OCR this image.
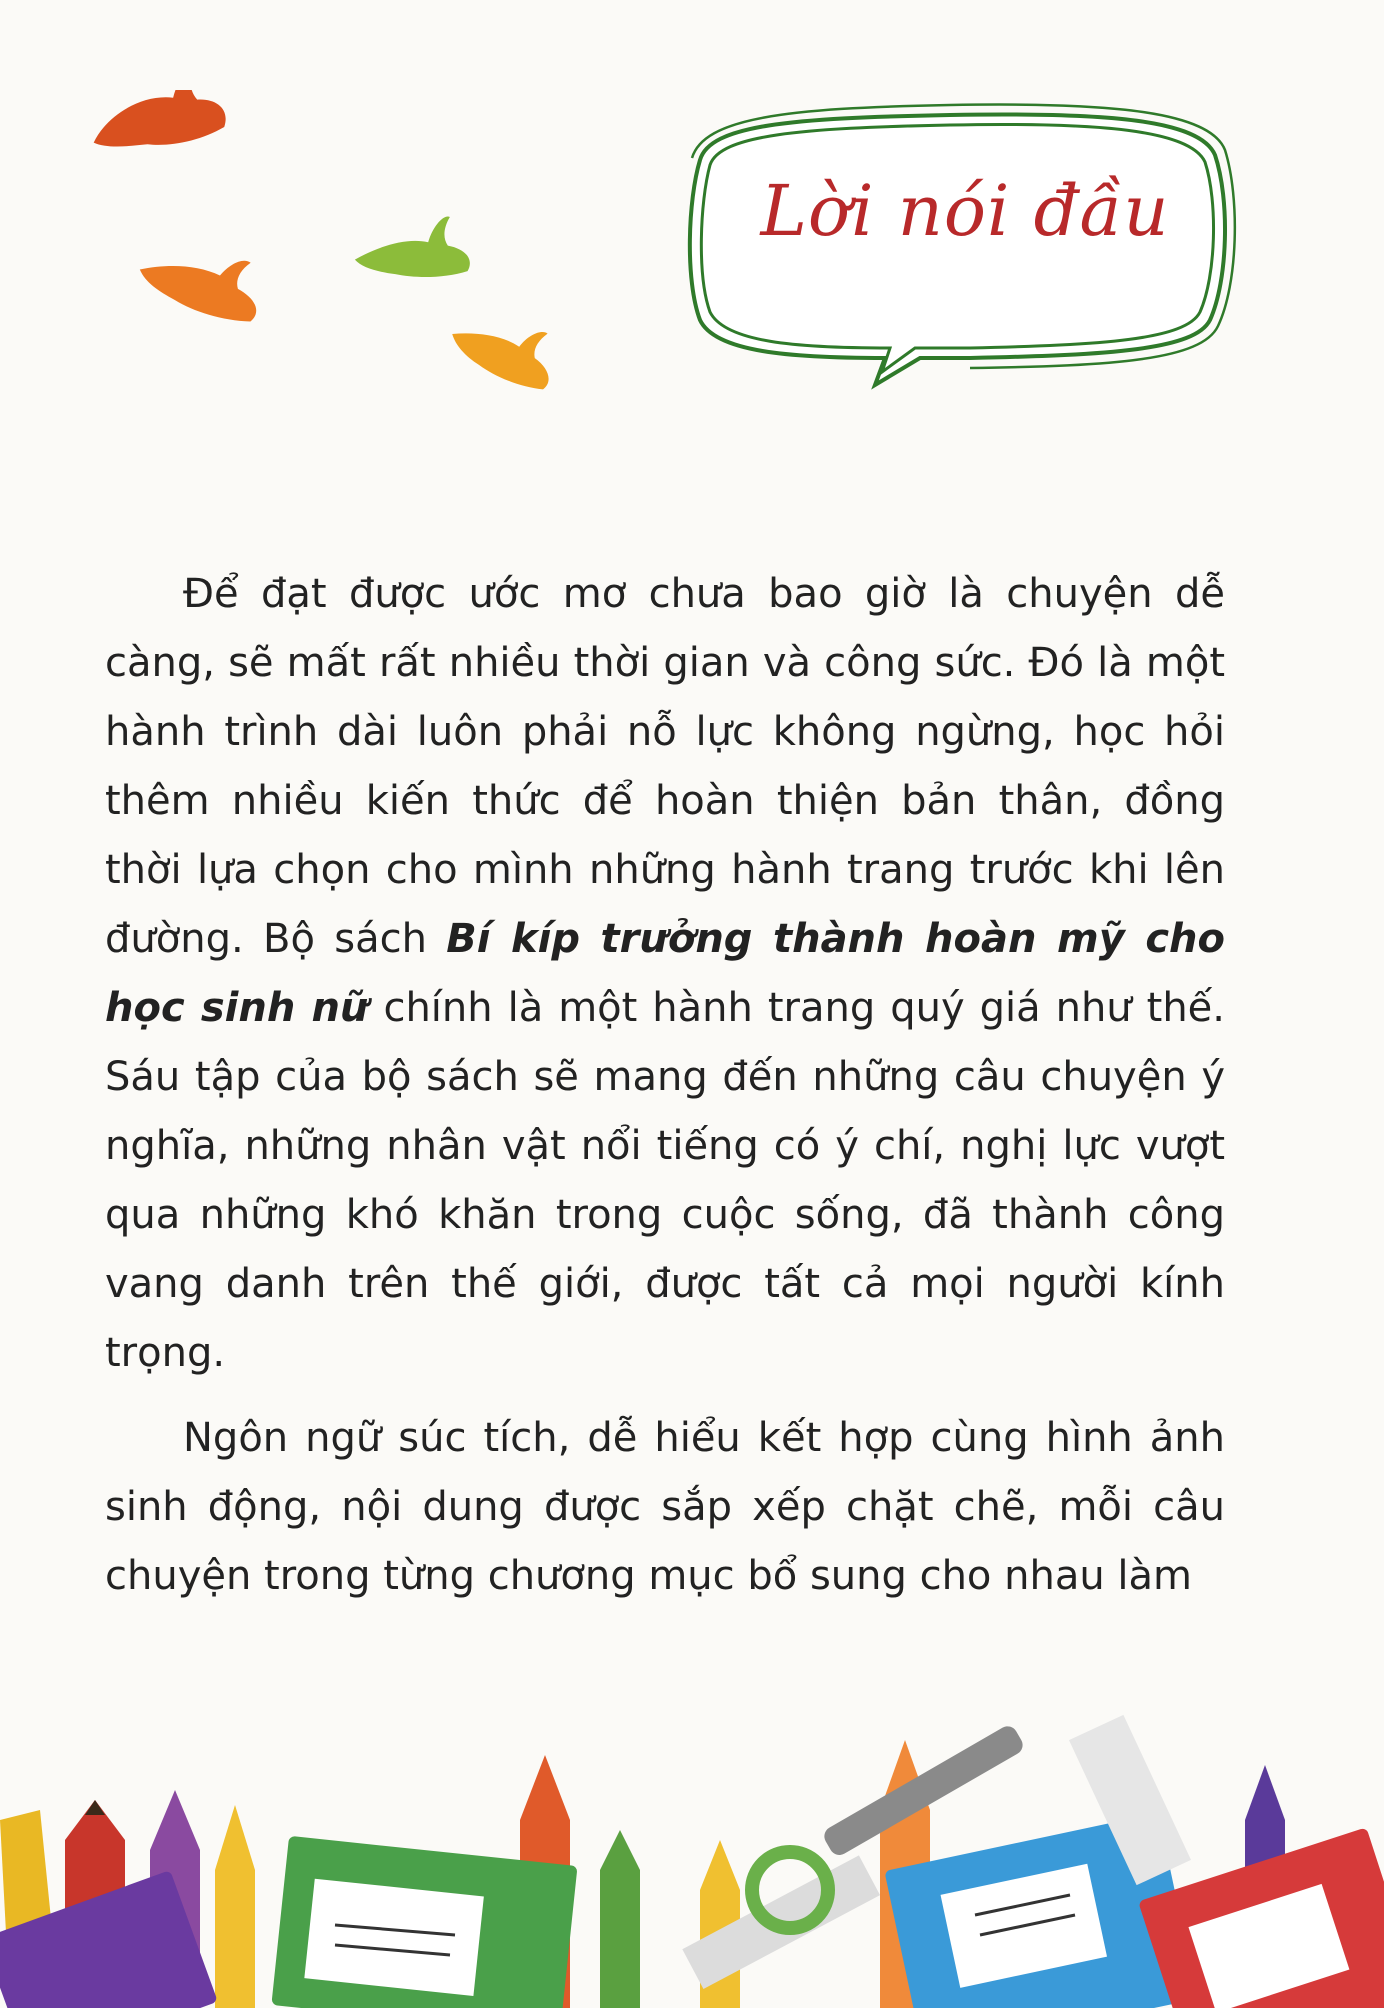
Lời nói đầu

Để đạt được ước mơ chưa bao giờ là chuyện dễ càng, sẽ mất rất nhiều thời gian và công sức. Đó là một hành trình dài luôn phải nỗ lực không ngừng, học hỏi thêm nhiều kiến thức để hoàn thiện bản thân, đồng thời lựa chọn cho mình những hành trang trước khi lên đường. Bộ sách Bí kíp trưởng thành hoàn mỹ cho học sinh nữ chính là một hành trang quý giá như thế. Sáu tập của bộ sách sẽ mang đến những câu chuyện ý nghĩa, những nhân vật nổi tiếng có ý chí, nghị lực vượt qua những khó khăn trong cuộc sống, đã thành công vang danh trên thế giới, được tất cả mọi người kính trọng.

Ngôn ngữ súc tích, dễ hiểu kết hợp cùng hình ảnh sinh động, nội dung được sắp xếp chặt chẽ, mỗi câu chuyện trong từng chương mục bổ sung cho nhau làm
